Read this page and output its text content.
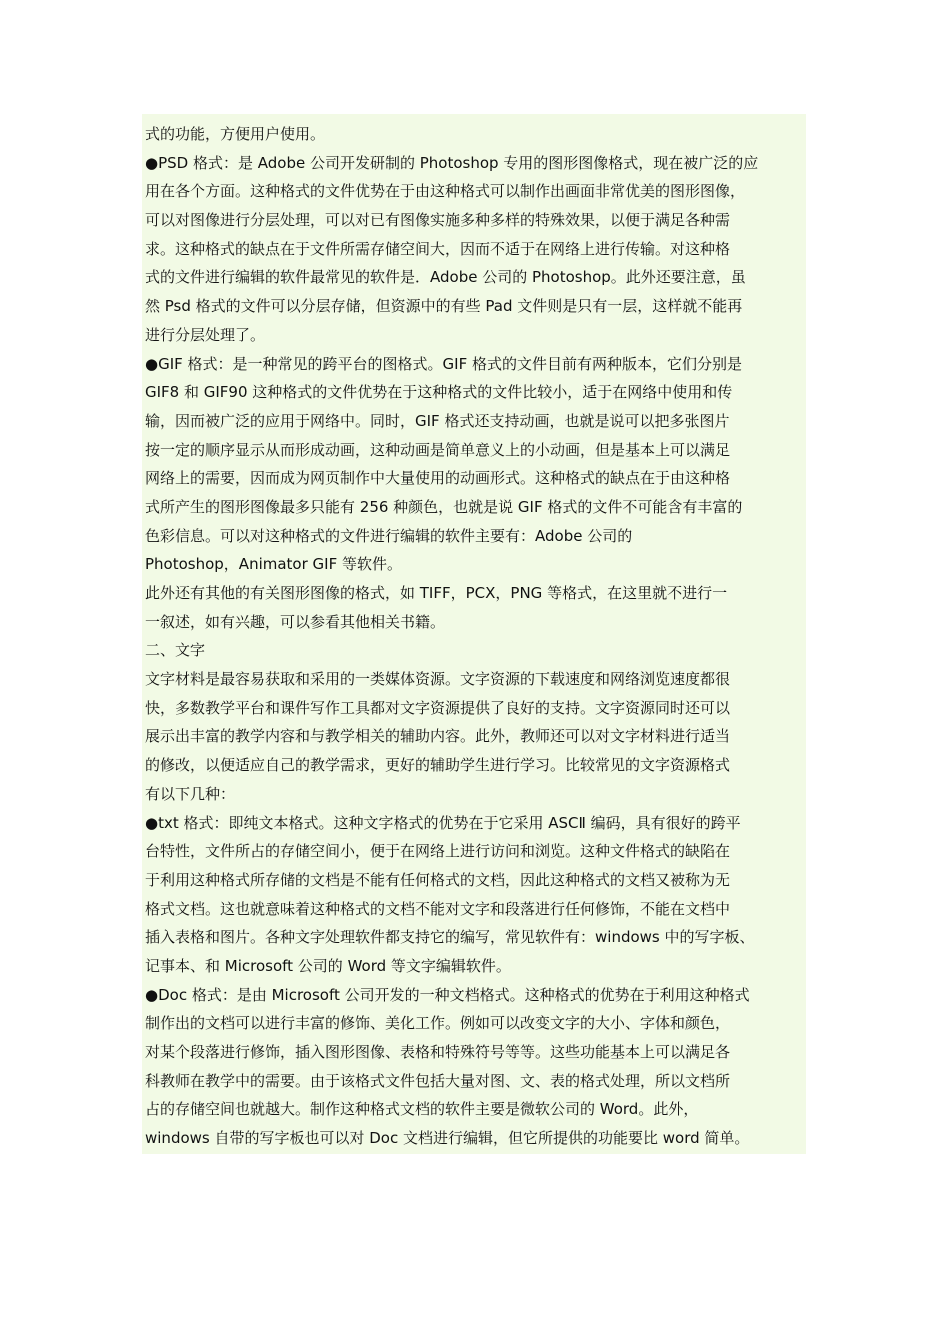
式的功能，方便用户使用。
●PSD 格式：是 Adobe 公司开发研制的 Photoshop 专用的图形图像格式，现在被广泛的应
用在各个方面。这种格式的文件优势在于由这种格式可以制作出画面非常优美的图形图像，
可以对图像进行分层处理，可以对已有图像实施多种多样的特殊效果，以便于满足各种需
求。这种格式的缺点在于文件所需存储空间大，因而不适于在网络上进行传输。对这种格
式的文件进行编辑的软件最常见的软件是．Adobe 公司的 Photoshop。此外还要注意，虽
然 Psd 格式的文件可以分层存储，但资源中的有些 Pad 文件则是只有一层，这样就不能再
进行分层处理了。
●GIF 格式：是一种常见的跨平台的图格式。GIF 格式的文件目前有两种版本，它们分别是
GIF8 和 GIF90 这种格式的文件优势在于这种格式的文件比较小，适于在网络中使用和传
输，因而被广泛的应用于网络中。同时，GIF 格式还支持动画，也就是说可以把多张图片
按一定的顺序显示从而形成动画，这种动画是简单意义上的小动画，但是基本上可以满足
网络上的需要，因而成为网页制作中大量使用的动画形式。这种格式的缺点在于由这种格
式所产生的图形图像最多只能有 256 种颜色，也就是说 GIF 格式的文件不可能含有丰富的
色彩信息。可以对这种格式的文件进行编辑的软件主要有：Adobe 公司的
Photoshop，Animator GIF 等软件。
此外还有其他的有关图形图像的格式，如 TIFF，PCX，PNG 等格式，在这里就不进行一
一叙述，如有兴趣，可以参看其他相关书籍。
二、文字
文字材料是最容易获取和采用的一类媒体资源。文字资源的下载速度和网络浏览速度都很
快，多数教学平台和课件写作工具都对文字资源提供了良好的支持。文字资源同时还可以
展示出丰富的教学内容和与教学相关的辅助内容。此外，教师还可以对文字材料进行适当
的修改，以便适应自己的教学需求，更好的辅助学生进行学习。比较常见的文字资源格式
有以下几种：
●txt 格式：即纯文本格式。这种文字格式的优势在于它采用 ASCⅡ 编码，具有很好的跨平
台特性，文件所占的存储空间小，便于在网络上进行访问和浏览。这种文件格式的缺陷在
于利用这种格式所存储的文档是不能有任何格式的文档，因此这种格式的文档又被称为无
格式文档。这也就意味着这种格式的文档不能对文字和段落进行任何修饰，不能在文档中
插入表格和图片。各种文字处理软件都支持它的编写，常见软件有：windows 中的写字板、
记事本、和 Microsoft 公司的 Word 等文字编辑软件。
●Doc 格式：是由 Microsoft 公司开发的一种文档格式。这种格式的优势在于利用这种格式
制作出的文档可以进行丰富的修饰、美化工作。例如可以改变文字的大小、字体和颜色，
对某个段落进行修饰，插入图形图像、表格和特殊符号等等。这些功能基本上可以满足各
科教师在教学中的需要。由于该格式文件包括大量对图、文、表的格式处理，所以文档所
占的存储空间也就越大。制作这种格式文档的软件主要是微软公司的 Word。此外，
windows 自带的写字板也可以对 Doc 文档进行编辑，但它所提供的功能要比 word 简单。
